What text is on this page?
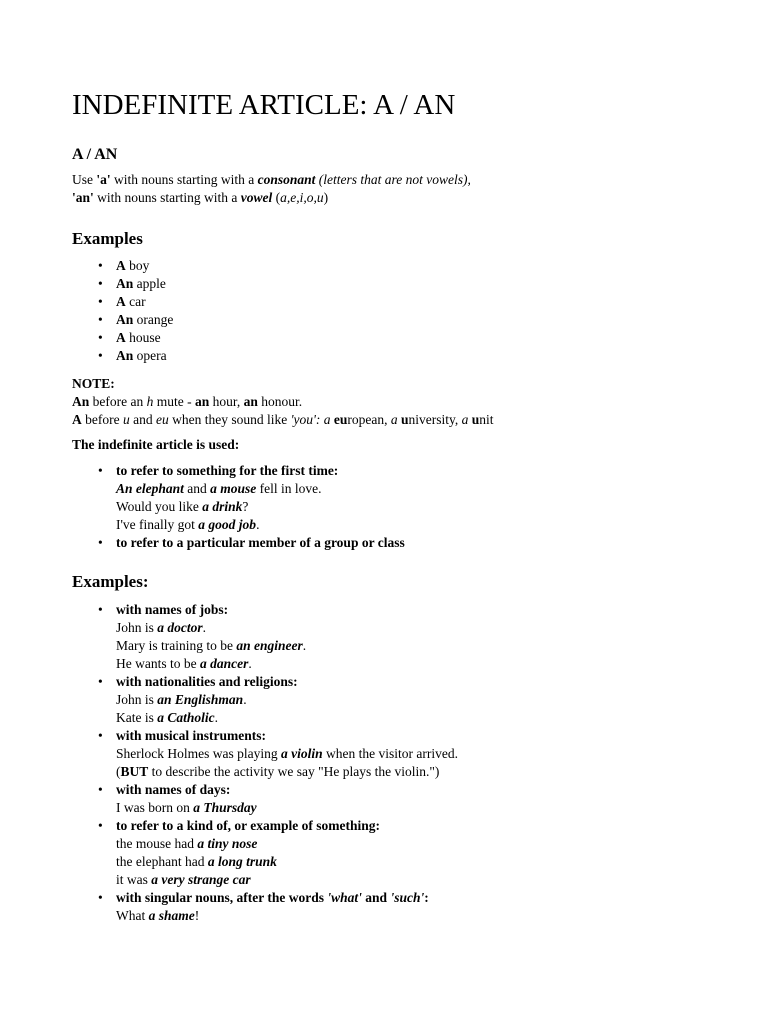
INDEFINITE ARTICLE: A / AN
A / AN
Use 'a' with nouns starting with a consonant (letters that are not vowels),
'an' with nouns starting with a vowel (a,e,i,o,u)
Examples
• A boy
• An apple
• A car
• An orange
• A house
• An opera
NOTE:
An before an h mute - an hour, an honour.
A before u and eu when they sound like 'you': a european, a university, a unit
The indefinite article is used:
• to refer to something for the first time:
An elephant and a mouse fell in love.
Would you like a drink?
I've finally got a good job.
• to refer to a particular member of a group or class
Examples:
• with names of jobs:
John is a doctor.
Mary is training to be an engineer.
He wants to be a dancer.
• with nationalities and religions:
John is an Englishman.
Kate is a Catholic.
• with musical instruments:
Sherlock Holmes was playing a violin when the visitor arrived.
(BUT to describe the activity we say "He plays the violin.")
• with names of days:
I was born on a Thursday
• to refer to a kind of, or example of something:
the mouse had a tiny nose
the elephant had a long trunk
it was a very strange car
• with singular nouns, after the words 'what' and 'such':
What a shame!
